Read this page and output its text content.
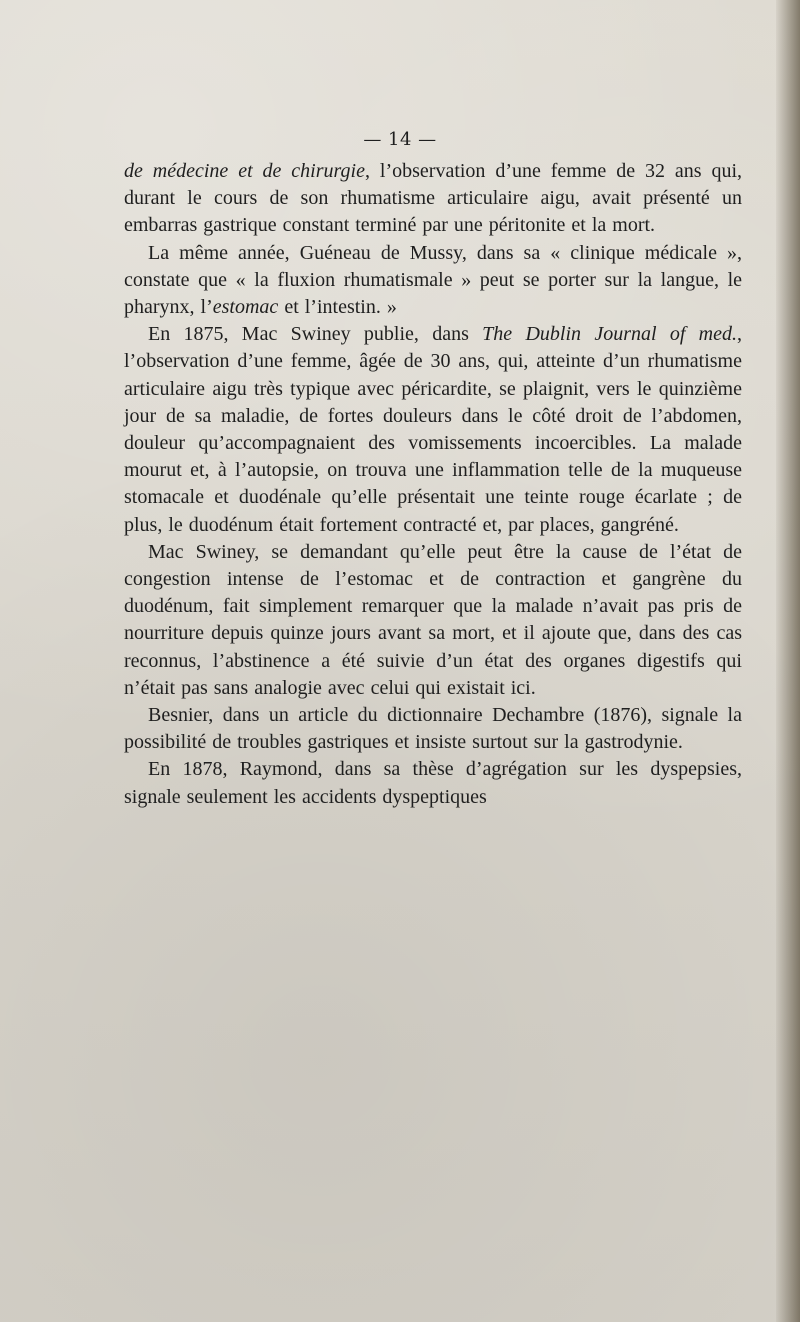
— 14 —

de médecine et de chirurgie, l’observation d’une femme de 32 ans qui, durant le cours de son rhumatisme articulaire aigu, avait présenté un embarras gastrique constant terminé par une péritonite et la mort.

La même année, Guéneau de Mussy, dans sa « clinique médicale », constate que « la fluxion rhumatismale » peut se porter sur la langue, le pharynx, l’estomac et l’intestin. »

En 1875, Mac Swiney publie, dans The Dublin Journal of med., l’observation d’une femme, âgée de 30 ans, qui, atteinte d’un rhumatisme articulaire aigu très typique avec péricardite, se plaignit, vers le quinzième jour de sa maladie, de fortes douleurs dans le côté droit de l’abdomen, douleur qu’accompagnaient des vomissements incoercibles. La malade mourut et, à l’autopsie, on trouva une inflammation telle de la muqueuse stomacale et duodénale qu’elle présentait une teinte rouge écarlate ; de plus, le duodénum était fortement contracté et, par places, gangréné.

Mac Swiney, se demandant qu’elle peut être la cause de l’état de congestion intense de l’estomac et de contraction et gangrène du duodénum, fait simplement remarquer que la malade n’avait pas pris de nourriture depuis quinze jours avant sa mort, et il ajoute que, dans des cas reconnus, l’abstinence a été suivie d’un état des organes digestifs qui n’était pas sans analogie avec celui qui existait ici.

Besnier, dans un article du dictionnaire Dechambre (1876), signale la possibilité de troubles gastriques et insiste surtout sur la gastrodynie.

En 1878, Raymond, dans sa thèse d’agrégation sur les dyspepsies, signale seulement les accidents dyspeptiques
